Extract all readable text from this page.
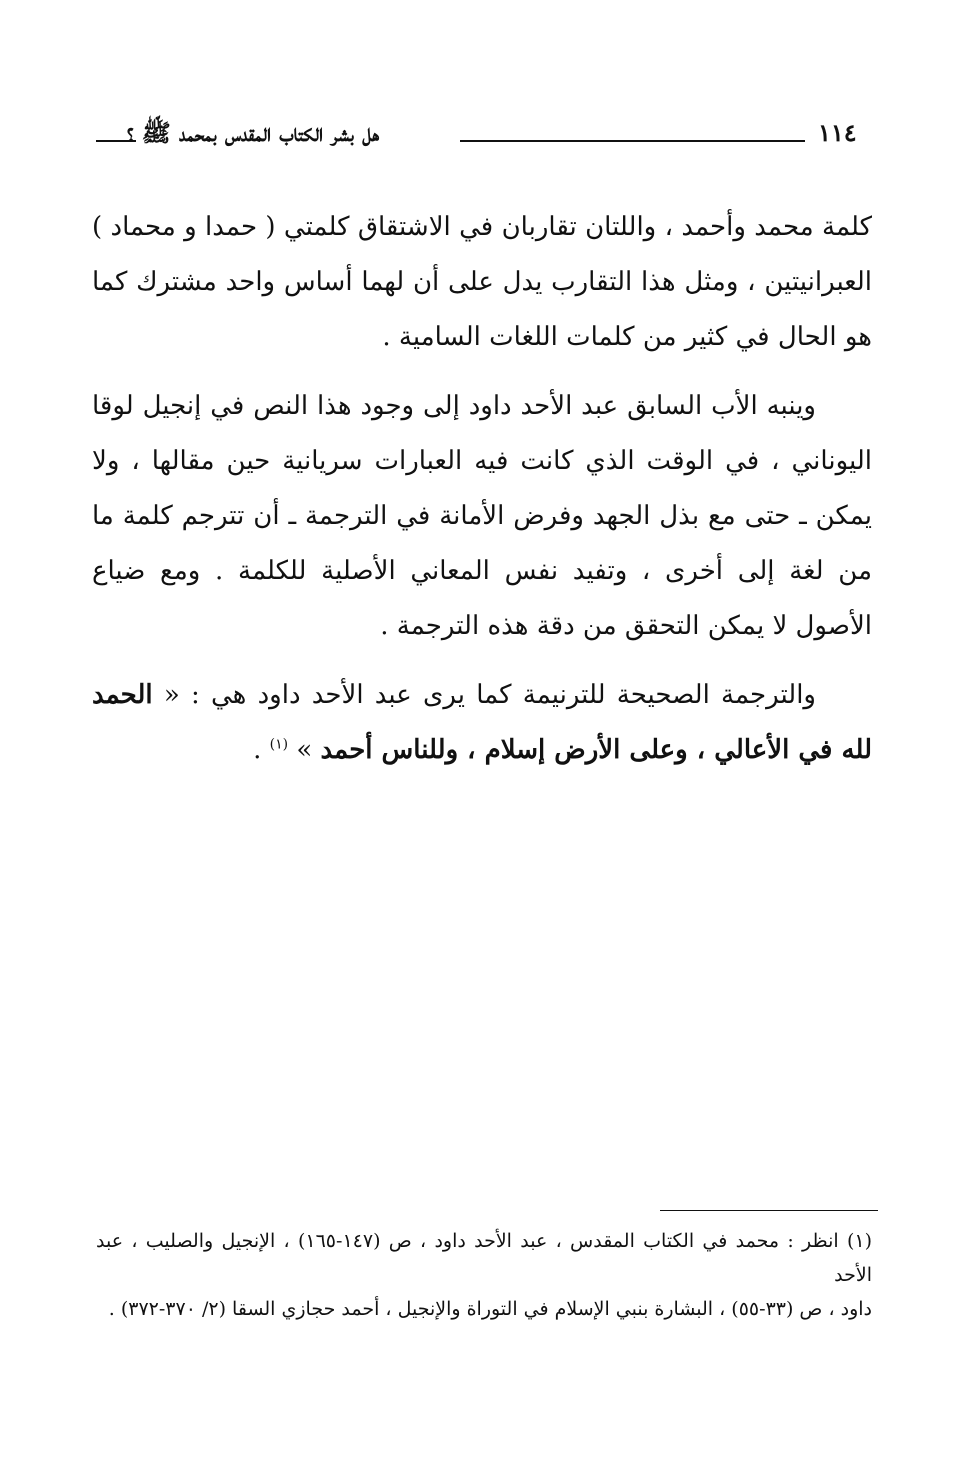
هل بشر الكتاب المقدس بمحمد ﷺ ؟	١١٤

كلمة محمد وأحمد ، واللتان تقاربان في الاشتقاق كلمتي ( حمدا و محماد ) العبرانيتين ، ومثل هذا التقارب يدل على أن لهما أساس واحد مشترك كما هو الحال في كثير من كلمات اللغات السامية .

وينبه الأب السابق عبد الأحد داود إلى وجود هذا النص في إنجيل لوقا اليوناني ، في الوقت الذي كانت فيه العبارات سريانية حين مقالها ، ولا يمكن ـ حتى مع بذل الجهد وفرض الأمانة في الترجمة ـ أن تترجم كلمة ما من لغة إلى أخرى ، وتفيد نفس المعاني الأصلية للكلمة . ومع ضياع الأصول لا يمكن التحقق من دقة هذه الترجمة .

والترجمة الصحيحة للترنيمة كما يرى عبد الأحد داود هي : « الحمد لله في الأعالي ، وعلى الأرض إسلام ، وللناس أحمد » $^{(١)}$ .

(١) انظر : محمد في الكتاب المقدس ، عبد الأحد داود ، ص (١٤٧-١٦٥) ، الإنجيل والصليب ، عبد الأحد

داود ، ص (٣٣-٥٥) ، البشارة بنبي الإسلام في التوراة والإنجيل ، أحمد حجازي السقا (٢/ ٣٧٠-٣٧٢) .
